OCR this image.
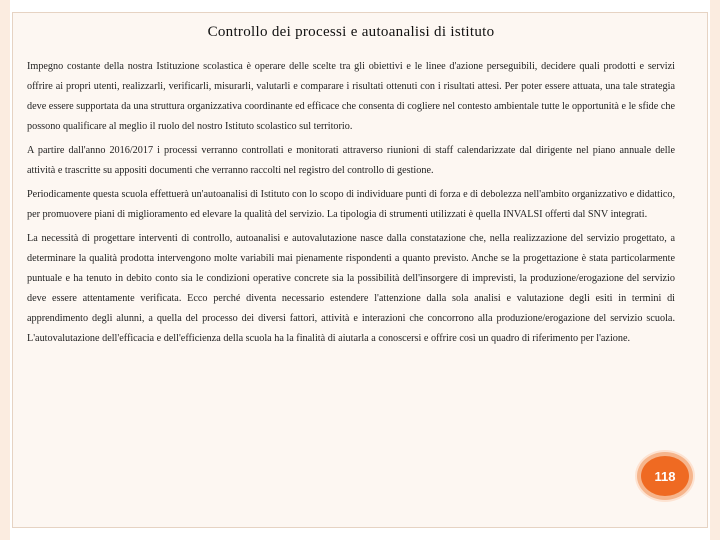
Controllo dei processi e autoanalisi di istituto

Impegno costante della nostra Istituzione scolastica è operare delle scelte tra gli obiettivi e le linee d'azione perseguibili, decidere quali prodotti e servizi offrire ai propri utenti, realizzarli, verificarli, misurarli, valutarli e comparare i risultati ottenuti con i risultati attesi. Per poter essere attuata, una tale strategia deve essere supportata da una struttura organizzativa coordinante ed efficace che consenta di cogliere nel contesto ambientale tutte le opportunità e le sfide che possono qualificare al meglio il ruolo del nostro Istituto scolastico sul territorio.

A partire dall'anno 2016/2017 i processi verranno controllati e monitorati attraverso riunioni di staff calendarizzate dal dirigente nel piano annuale delle attività e trascritte su appositi documenti che verranno raccolti nel registro del controllo di gestione.

Periodicamente questa scuola effettuerà un'autoanalisi di Istituto con lo scopo di individuare punti di forza e di debolezza nell'ambito organizzativo e didattico, per promuovere piani di miglioramento ed elevare la qualità del servizio. La tipologia di strumenti utilizzati è quella INVALSI offerti dal SNV integrati.

La necessità di progettare interventi di controllo, autoanalisi e autovalutazione nasce dalla constatazione che, nella realizzazione del servizio progettato, a determinare la qualità prodotta intervengono molte variabili mai pienamente rispondenti a quanto previsto. Anche se la progettazione è stata particolarmente puntuale e ha tenuto in debito conto sia le condizioni operative concrete sia la possibilità dell'insorgere di imprevisti, la produzione/erogazione del servizio deve essere attentamente verificata. Ecco perché diventa necessario estendere l'attenzione dalla sola analisi e valutazione degli esiti in termini di apprendimento degli alunni, a quella del processo dei diversi fattori, attività e interazioni che concorrono alla produzione/erogazione del servizio scuola. L'autovalutazione dell'efficacia e dell'efficienza della scuola ha la finalità di aiutarla a conoscersi e offrire così un quadro di riferimento per l'azione.

118
